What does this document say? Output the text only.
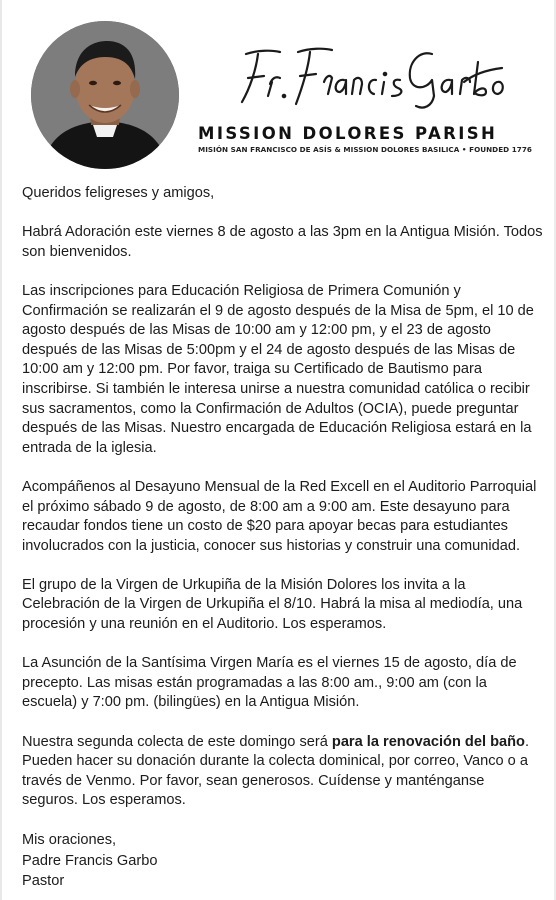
MISSION DOLORES PARISH
MISIÓN SAN FRANCISCO DE ASÍS & MISSION DOLORES BASILICA • FOUNDED 1776

Queridos feligreses y amigos,

Habrá Adoración este viernes 8 de agosto a las 3pm en la Antigua Misión. Todos son bienvenidos.

Las inscripciones para Educación Religiosa de Primera Comunión y Confirmación se realizarán el 9 de agosto después de la Misa de 5pm, el 10 de agosto después de las Misas de 10:00 am y 12:00 pm, y el 23 de agosto después de las Misas de 5:00pm y el 24 de agosto después de las Misas de 10:00 am y 12:00 pm. Por favor, traiga su Certificado de Bautismo para inscribirse. Si también le interesa unirse a nuestra comunidad católica o recibir sus sacramentos, como la Confirmación de Adultos (OCIA), puede preguntar después de las Misas. Nuestro encargada de Educación Religiosa estará en la entrada de la iglesia.

Acompáñenos al Desayuno Mensual de la Red Excell en el Auditorio Parroquial el próximo sábado 9 de agosto, de 8:00 am a 9:00 am. Este desayuno para recaudar fondos tiene un costo de $20 para apoyar becas para estudiantes involucrados con la justicia, conocer sus historias y construir una comunidad.

El grupo de la Virgen de Urkupiña de la Misión Dolores los invita a la Celebración de la Virgen de Urkupiña el 8/10. Habrá la misa al mediodía, una procesión y una reunión en el Auditorio. Los esperamos.

La Asunción de la Santísima Virgen María es el viernes 15 de agosto, día de precepto. Las misas están programadas a las 8:00 am., 9:00 am (con la escuela) y 7:00 pm. (bilingües) en la Antigua Misión.

Nuestra segunda colecta de este domingo será para la renovación del baño. Pueden hacer su donación durante la colecta dominical, por correo, Vanco o a través de Venmo. Por favor, sean generosos. Cuídense y manténganse seguros. Los esperamos.

Mis oraciones,

Padre Francis Garbo
Pastor
